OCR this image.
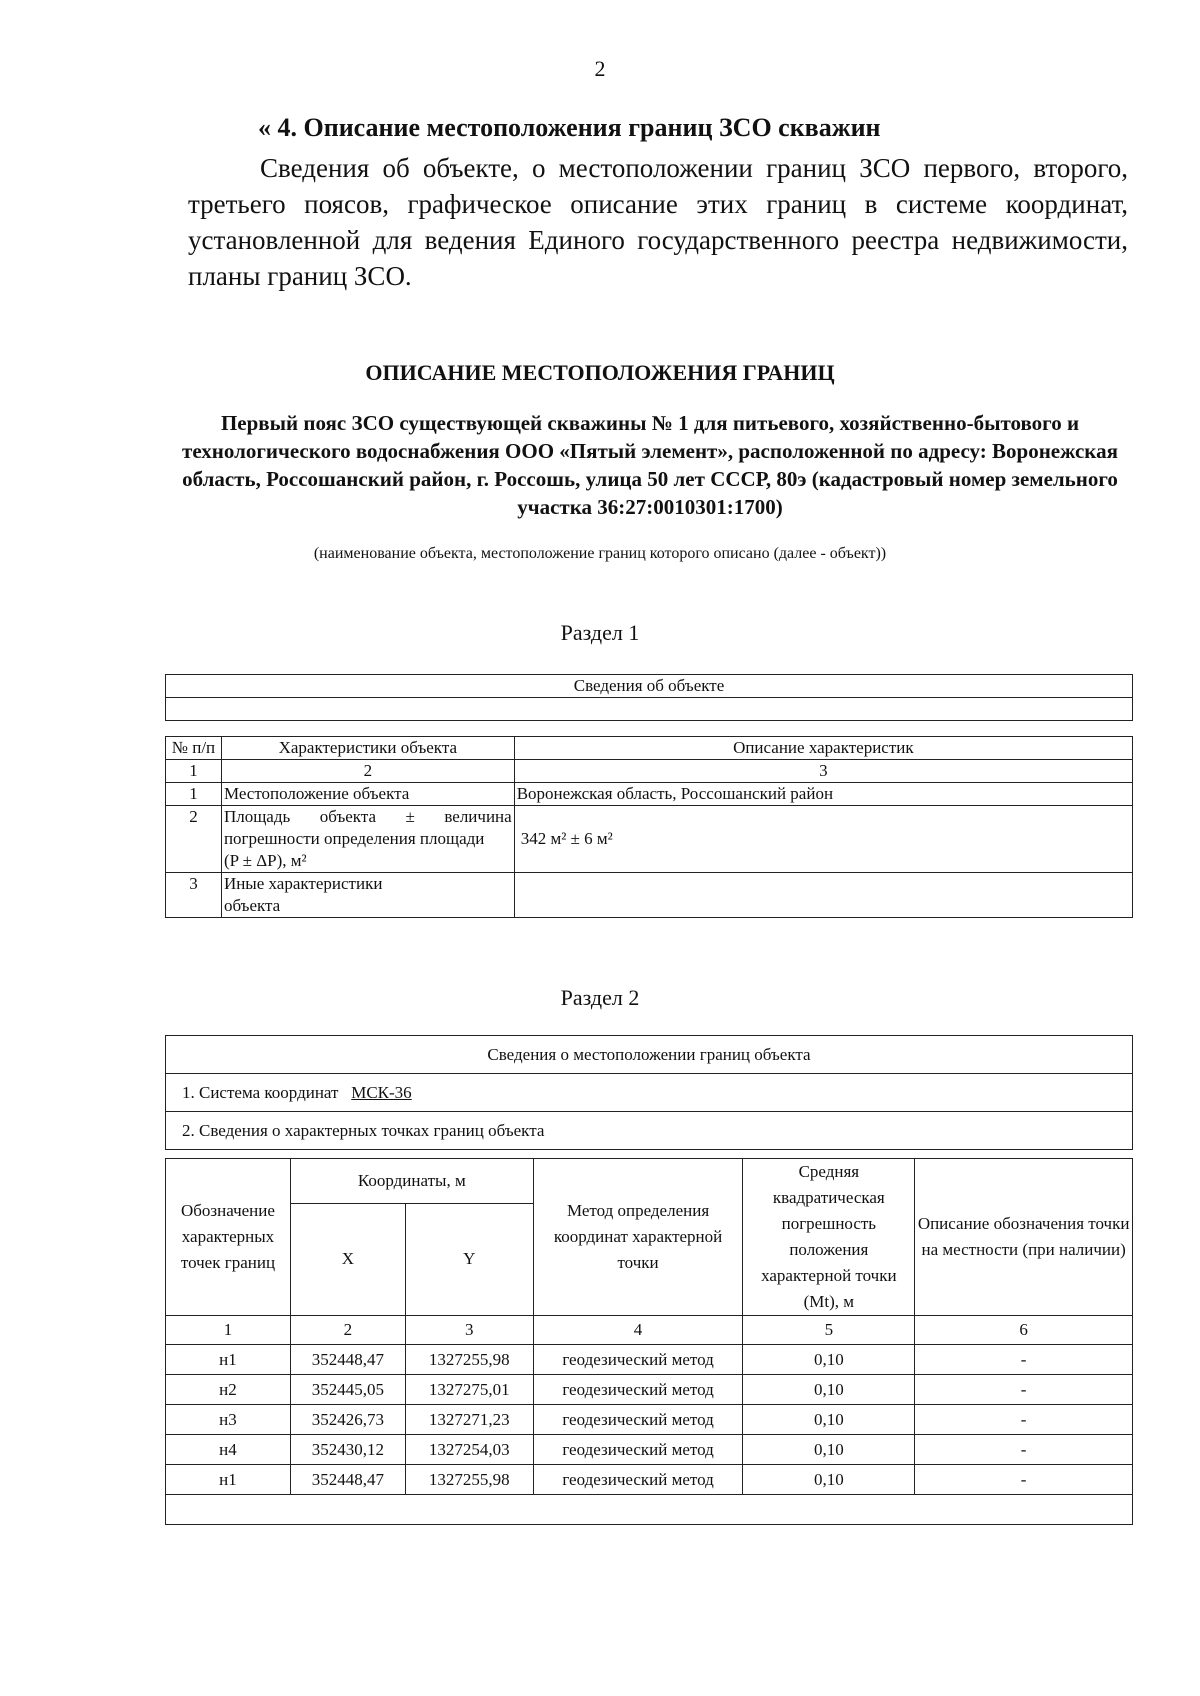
2
« 4. Описание местоположения границ ЗСО скважин
Сведения об объекте, о местоположении границ ЗСО первого, второго, третьего поясов, графическое описание этих границ в системе координат, установленной для ведения Единого государственного реестра недвижимости, планы границ ЗСО.
ОПИСАНИЕ МЕСТОПОЛОЖЕНИЯ ГРАНИЦ
Первый пояс ЗСО существующей скважины № 1 для питьевого, хозяйственно-бытового и технологического водоснабжения ООО «Пятый элемент», расположенной по адресу: Воронежская область, Россошанский район, г. Россошь, улица 50 лет СССР, 80э (кадастровый номер земельного участка 36:27:0010301:1700)
(наименование объекта, местоположение границ которого описано (далее - объект))
Раздел 1
Сведения об объекте

№ п/п	Характеристики объекта	Описание характеристик
1	2	3
1	Местоположение объекта	Воронежская область, Россошанский район
2	Площадь объекта ± величина
погрешности определения площади
(P ± ΔP), м²	342 м² ± 6 м²
3	Иные характеристики
объекта	

Раздел 2
Сведения о местоположении границ объекта
1. Система координат МСК-36
2. Сведения о характерных точках границ объекта
Обозначение характерных точек границ	Координаты, м		Метод определения координат характерной точки	Средняя квадратическая погрешность положения характерной точки (Mt), м	Описание обозначения точки на местности (при наличии)
	X	Y			
1	2	3	4	5	6
н1	352448,47	1327255,98	геодезический метод	0,10	-
н2	352445,05	1327275,01	геодезический метод	0,10	-
н3	352426,73	1327271,23	геодезический метод	0,10	-
н4	352430,12	1327254,03	геодезический метод	0,10	-
н1	352448,47	1327255,98	геодезический метод	0,10	-
